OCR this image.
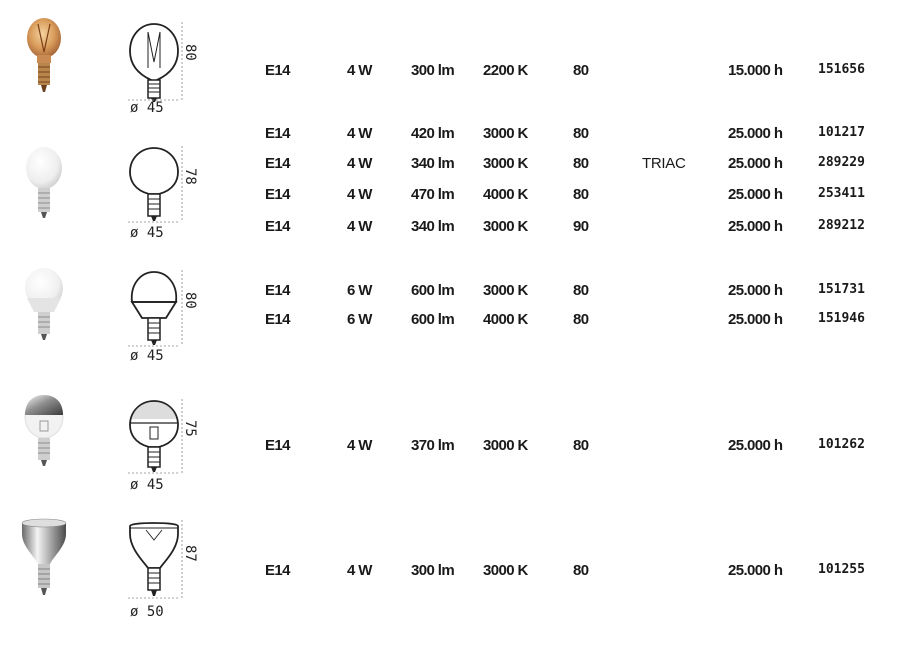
80
ø 45
E14	4 W	300 lm 2200 K	80	15.000 h	151656
78
ø 45
E14	4 W	420 lm 3000 K	80	25.000 h	101217
E14	4 W	340 lm 3000 K	80	TRIAC	25.000 h	289229
E14	4 W	470 lm 4000 K	80	25.000 h	253411
E14	4 W	340 lm 3000 K	90	25.000 h	289212
80
ø 45
E14	6 W	600 lm 3000 K	80	25.000 h	151731
E14	6 W	600 lm 4000 K	80	25.000 h	151946
75
ø 45
E14	4 W	370 lm 3000 K	80	25.000 h	101262
87
ø 50
E14	4 W	300 lm 3000 K	80	25.000 h	101255
